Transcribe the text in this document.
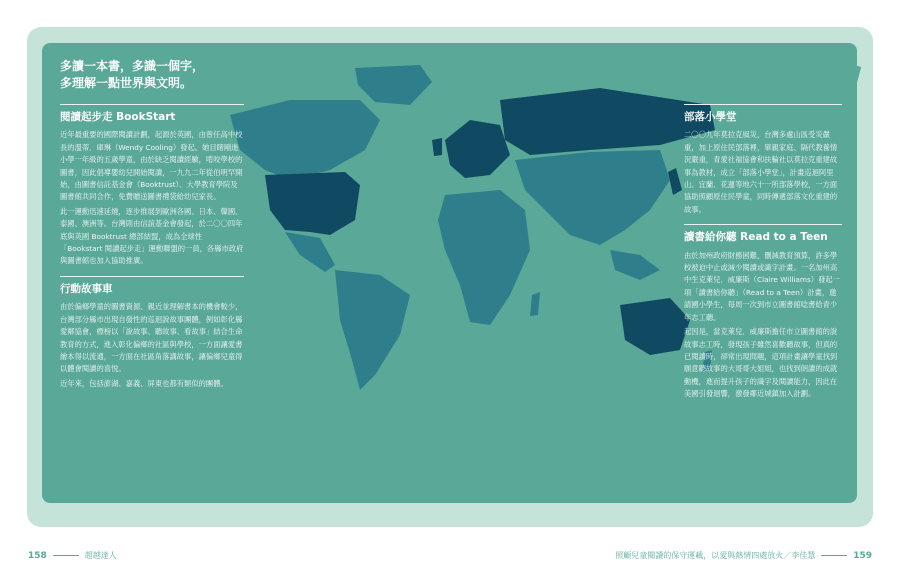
多讀一本書，多識一個字，
多理解一點世界與文明。
閱讀起步走 BookStart

近年最重要的國際閱讀計劃，起源於英國，由曾任高中校長的溫蒂．庫琳（Wendy Cooling）發起。她目睹剛進小學一年級的五歲學童，由於缺乏閱讀經驗，啃咬學校的圖書，因此倡導嬰幼兒開始閱讀，一九九二年從伯明罕開始，由圖書信託基金會（Booktrust）、大學教育學院及圖書館共同合作，免費贈送圖書禮袋給幼兒家長。

此一運動迅速延燒，逐步推展到歐洲各國、日本、韓國、泰國、澳洲等。台灣則由信誼基金會發起，於二〇〇四年底與英國 Booktrust 總部結盟，成為全球性「Bookstart 閱讀起步走」運動聯盟的一員，各縣市政府與圖書館也加入協助推廣。

行動故事車

由於偏鄉學童的圖書資源、親近並理解書本的機會較少，台灣部分縣市出現自發性的巡迴說故事團體，例如彰化縣愛鄰協會，標榜以「說故事、聽故事、看故事」結合生命教育的方式，進入彰化偏鄉的社區與學校，一方面讓愛書繪本得以流通，一方面在社區角落講故事，讓偏鄉兒童得以體會閱讀的喜悅。

近年來，包括澎湖、嘉義、屏東也都有類似的團體。

部落小學堂

二〇〇九年莫拉克風災，台灣多處山區受災嚴重，加上原住民部落裡，單親家庭、隔代教養情況嚴重，青愛社福協會和扶輪社以莫拉克重建故事為教材，成立「部落小學堂」，計畫巡迴阿里山、宜蘭、花蓮等地六十一所部落學校，一方面協助照顧原住民學童，同時傳遞部落文化重建的故事。

讀書給你聽 Read to a Teen

由於加州政府財務困難，刪減教育預算，許多學校被迫中止或減少閱讀或識字計畫。一名加州高中生克萊兒．威廉斯（Claire Williams）發起一項「讀書給你聽」（Read to a Teen）計畫，邀請國小學生，每周一次到市立圖書館唸書給青少年志工聽。

起因是，當克萊兒．威廉斯擔任市立圖書館的說故事志工時，發現孩子雖然喜歡聽故事，但真的已閱讀時，卻常出現問題，這項計畫讓學童找到願意聽故事的大哥哥大姐姐，也找到朗讀的成就動機，進而提升孩子的識字及閱讀能力，因此在美國引發迴響，激發鄰近城鎮加入計劃。

158	超越達人	照顧兒童閱讀的保守運載，以愛與熱情四處放火／李佳慧	159
